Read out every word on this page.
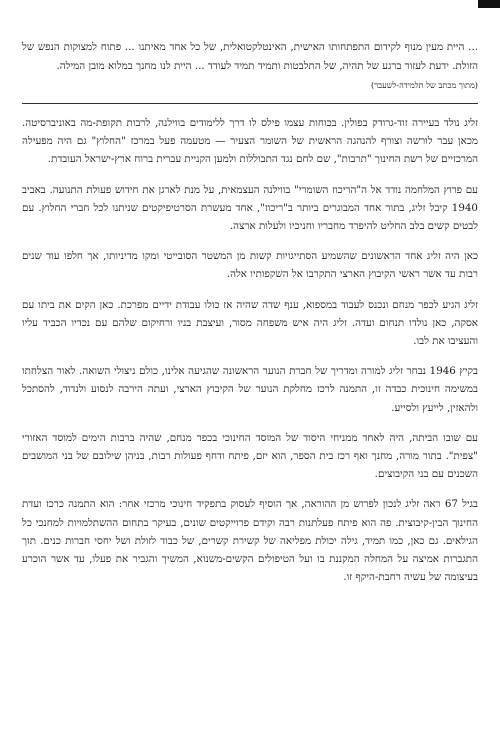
... היית מעין מנוף לקידום התפתחותו האישית, האינטלקטואלית, של כל אחד מאיתנו ... פתוח למצוקות הנפש של הזולת. ידעת לעזור ברגע של תהיה, של התלבטות ותמיד תמיד לעודד ... היית לנו מחנך במלוא מובן המילה.

(מתוך מכתב של תלמידה-לשעבר)

זליג נולד בעיירה זוד-גרודק בפולין. בכוחות עצמו פילס לו דרך ללימודים בווילנה, לרבות תקופת-מה באוניברסיטה. מכאן עבר לורשה וצורף להנהגה הראשית של השומר הצעיר — מטעמה פעל במרכז "החלוץ" גם היה מפעילה המרכזיים של רשת החינוך "תרבות", שם לחם נגד התבוללות ולמען הקניית עברית ברוח ארץ-ישראל העובדת.

עם פרוץ המלחמה נודד אל ה"הריכוז השומרי" בווילנה העצמאית, על מנת לארגן את חידוש פעולת התנועה. באביב 1940 קיבל זליג, בתור אחד המבוגרים ביותר ב"ריכוז", אחד מעשרת הסרטיפיקטים שניתנו לכל חברי החלוץ. עם לבטים קשים בלב החליט להיפרד מחבריו וחניכיו ולעלות ארצה.

כאן היה זליג אחד הראשונים שהשמיע הסתייגויות קשות מן המשטר הסובייטי ומקו מדיניותו, אך חלפו עוד שנים רבות עד אשר ראשי הקיבוץ הארצי התקרבו אל השקפותיו אלה.

זליג הגיע לכפר מנחם ונכנס לעבוד במספוא, ענף שדה שהיה אז כולו עבודת ידיים מפרכת. כאן הקים את ביתו עם אסקה, כאן נולדו תנחום ועדה. זליג היה איש משפחה מסור, ועיצבת בניו ורחיקום שלהם עם נכדיו הכביד עליו והעציבו את לבו.

בקיץ 1946 נבחר זליג למורה ומדריך של חברת הנוער הראשונה שהגיעה אלינו, כולם ניצולי השואה. לאור הצלחתו במשימה חינוכית כבדה זו, התמנה לרכז מחלקת הנוער של הקיבוץ הארצי, ועתה הירבה לנסוע ולנדוד, להסתכל ולהאזין, לייעץ ולסייע.

עם שובו הביתה, היה לאחד ממניחי היסוד של המוסד החינוכי בכפר מנחם, שהיה ברבות הימים למוסד האזורי "צפית". בתור מורה, מחנך ואף רכז בית הספר, הוא יזם, פיתח ודחף פעולות רבות, בניהן שילובם של בני המושבים השכנים עם בני הקיבוצים.

בגיל 67 ראה זליג לנכון לפרוש מן ההוראה, אך הוסיף לעסוק בתפקיד חינוכי מרכזי אחר: הוא התמנה כרכז ועדת החינוך הבין-קיבוצית. פה הוא פיתח פעלתנות רבה וקידם פרוייקטים שונים, בעיקר בתחום ההשתלמויות למחנכי כל הגילאים. גם כאן, כמו תמיד, גילה יכולת מפליאה של קשירת קשרים, של כבוד לזולת ושל יחסי חברות כנים. תוך התגברות אמיצה על המחלה המקננת בו ועל הטיפולים הקשים-משנוא, המשיך והגביר את פעלו, עד אשר הוכרע בעיצומה של עשיה רחבת-היקף זו.
